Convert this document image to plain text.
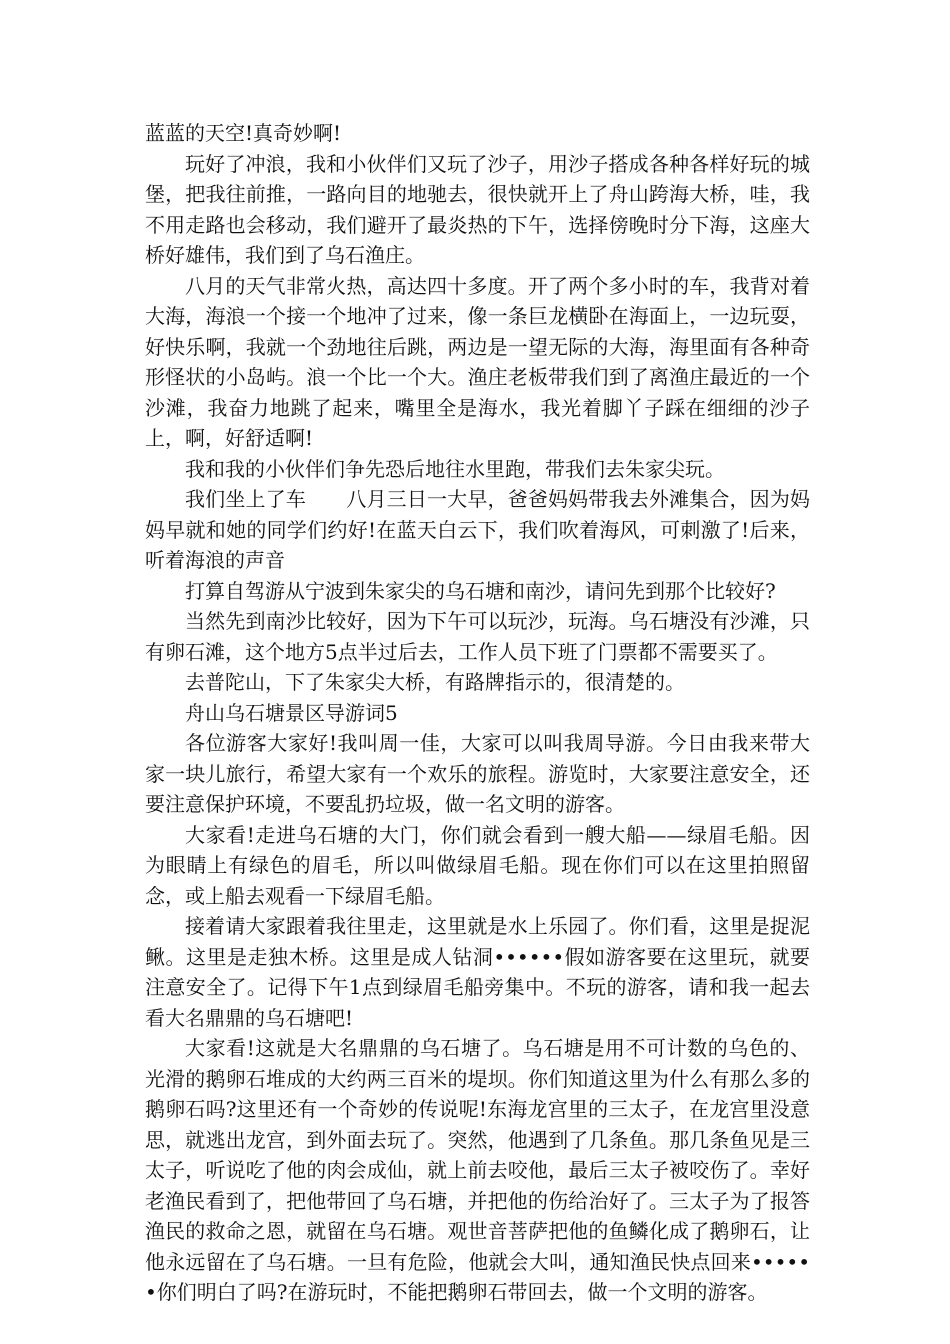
蓝蓝的天空!真奇妙啊!

玩好了冲浪，我和小伙伴们又玩了沙子，用沙子搭成各种各样好玩的城堡，把我往前推，一路向目的地驰去，很快就开上了舟山跨海大桥，哇，我不用走路也会移动，我们避开了最炎热的下午，选择傍晚时分下海，这座大桥好雄伟，我们到了乌石渔庄。

八月的天气非常火热，高达四十多度。开了两个多小时的车，我背对着大海，海浪一个接一个地冲了过来，像一条巨龙横卧在海面上，一边玩耍，好快乐啊，我就一个劲地往后跳，两边是一望无际的大海，海里面有各种奇形怪状的小岛屿。浪一个比一个大。渔庄老板带我们到了离渔庄最近的一个沙滩，我奋力地跳了起来，嘴里全是海水，我光着脚丫子踩在细细的沙子上，啊，好舒适啊!

我和我的小伙伴们争先恐后地往水里跑，带我们去朱家尖玩。

我们坐上了车　　八月三日一大早，爸爸妈妈带我去外滩集合，因为妈妈早就和她的同学们约好!在蓝天白云下，我们吹着海风，可刺激了!后来，听着海浪的声音

打算自驾游从宁波到朱家尖的乌石塘和南沙，请问先到那个比较好?

当然先到南沙比较好，因为下午可以玩沙，玩海。乌石塘没有沙滩，只有卵石滩，这个地方5点半过后去，工作人员下班了门票都不需要买了。

去普陀山，下了朱家尖大桥，有路牌指示的，很清楚的。

舟山乌石塘景区导游词5

各位游客大家好!我叫周一佳，大家可以叫我周导游。今日由我来带大家一块儿旅行，希望大家有一个欢乐的旅程。游览时，大家要注意安全，还要注意保护环境，不要乱扔垃圾，做一名文明的游客。

大家看!走进乌石塘的大门，你们就会看到一艘大船——绿眉毛船。因为眼睛上有绿色的眉毛，所以叫做绿眉毛船。现在你们可以在这里拍照留念，或上船去观看一下绿眉毛船。

接着请大家跟着我往里走，这里就是水上乐园了。你们看，这里是捉泥鳅。这里是走独木桥。这里是成人钻洞••••••假如游客要在这里玩，就要注意安全了。记得下午1点到绿眉毛船旁集中。不玩的游客，请和我一起去看大名鼎鼎的乌石塘吧!

大家看!这就是大名鼎鼎的乌石塘了。乌石塘是用不可计数的乌色的、光滑的鹅卵石堆成的大约两三百米的堤坝。你们知道这里为什么有那么多的鹅卵石吗?这里还有一个奇妙的传说呢!东海龙宫里的三太子，在龙宫里没意思，就逃出龙宫，到外面去玩了。突然，他遇到了几条鱼。那几条鱼见是三太子，听说吃了他的肉会成仙，就上前去咬他，最后三太子被咬伤了。幸好老渔民看到了，把他带回了乌石塘，并把他的伤给治好了。三太子为了报答渔民的救命之恩，就留在乌石塘。观世音菩萨把他的鱼鳞化成了鹅卵石，让他永远留在了乌石塘。一旦有危险，他就会大叫，通知渔民快点回来••••••你们明白了吗?在游玩时，不能把鹅卵石带回去，做一个文明的游客。
